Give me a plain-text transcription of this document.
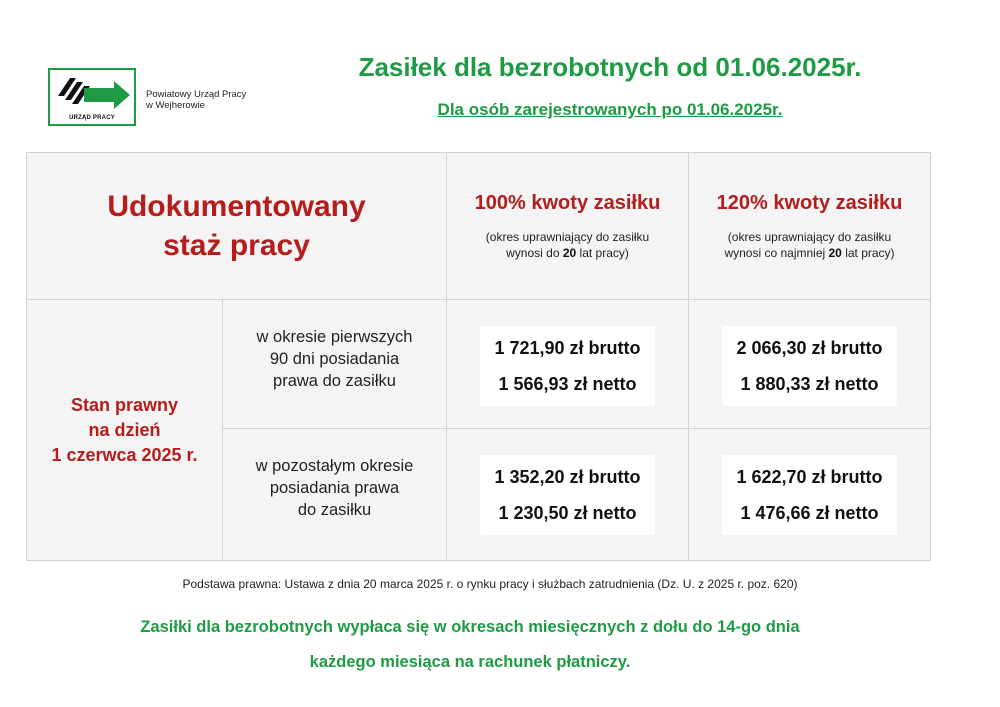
URZĄD PRACY
Powiatowy Urząd Pracy
w Wejherowie
Zasiłek dla bezrobotnych od 01.06.2025r.
Dla osób zarejestrowanych po 01.06.2025r.
Udokumentowany
staż pracy
100% kwoty zasiłku
(okres uprawniający do zasiłku
wynosi do 20 lat pracy)
120% kwoty zasiłku
(okres uprawniający do zasiłku
wynosi co najmniej 20 lat pracy)
Stan prawny
na dzień
1 czerwca 2025 r.
w okresie pierwszych
90 dni posiadania
prawa do zasiłku
1 721,90 zł brutto
1 566,93 zł netto
2 066,30 zł brutto
1 880,33 zł netto
w pozostałym okresie
posiadania prawa
do zasiłku
1 352,20 zł brutto
1 230,50 zł netto
1 622,70 zł brutto
1 476,66 zł netto
Podstawa prawna: Ustawa z dnia 20 marca 2025 r. o rynku pracy i służbach zatrudnienia (Dz. U. z 2025 r. poz. 620)
Zasiłki dla bezrobotnych wypłaca się w okresach miesięcznych z dołu do 14-go dnia
każdego miesiąca na rachunek płatniczy.
